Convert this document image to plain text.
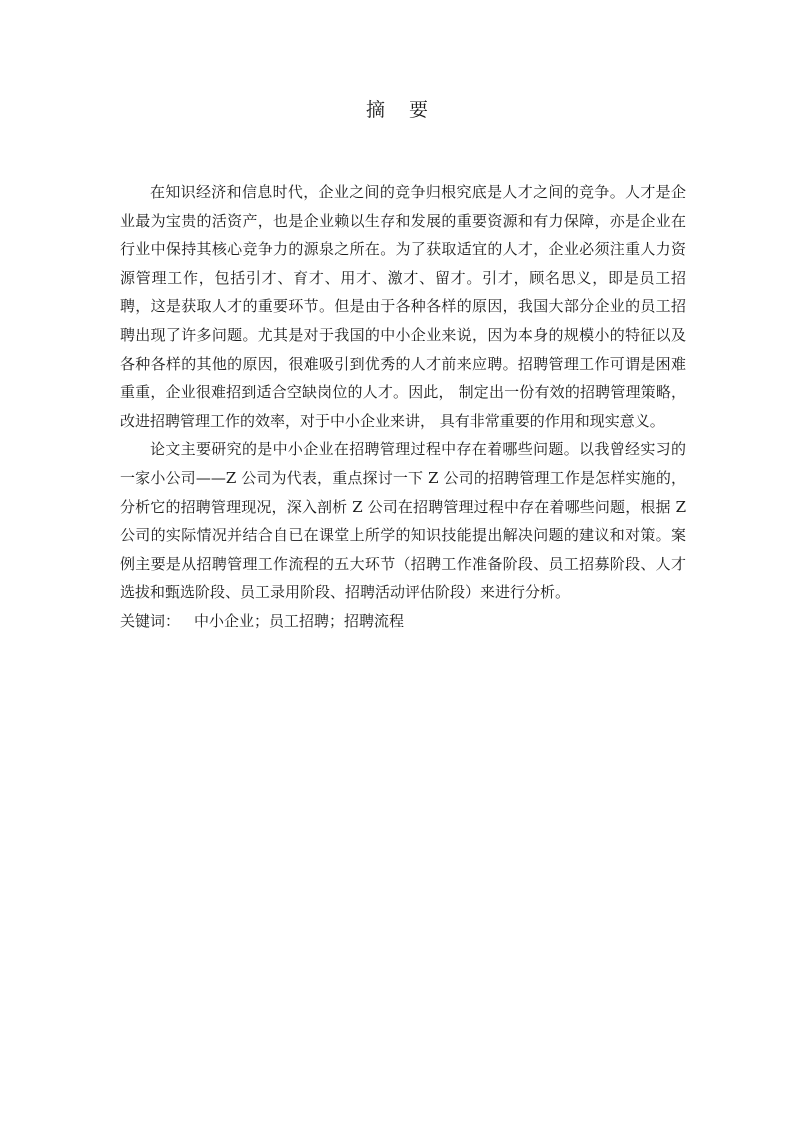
摘 要

在知识经济和信息时代，企业之间的竞争归根究底是人才之间的竞争。人才是企业最为宝贵的活资产，也是企业赖以生存和发展的重要资源和有力保障，亦是企业在行业中保持其核心竞争力的源泉之所在。为了获取适宜的人才，企业必须注重人力资源管理工作，包括引才、育才、用才、激才、留才。引才，顾名思义，即是员工招聘，这是获取人才的重要环节。但是由于各种各样的原因，我国大部分企业的员工招聘出现了许多问题。尤其是对于我国的中小企业来说，因为本身的规模小的特征以及各种各样的其他的原因，很难吸引到优秀的人才前来应聘。招聘管理工作可谓是困难重重，企业很难招到适合空缺岗位的人才。因此， 制定出一份有效的招聘管理策略，改进招聘管理工作的效率，对于中小企业来讲， 具有非常重要的作用和现实意义。

论文主要研究的是中小企业在招聘管理过程中存在着哪些问题。以我曾经实习的一家小公司——Z 公司为代表，重点探讨一下 Z 公司的招聘管理工作是怎样实施的，分析它的招聘管理现况，深入剖析 Z 公司在招聘管理过程中存在着哪些问题，根据 Z 公司的实际情况并结合自已在课堂上所学的知识技能提出解决问题的建议和对策。案例主要是从招聘管理工作流程的五大环节（招聘工作准备阶段、员工招募阶段、人才选拔和甄选阶段、员工录用阶段、招聘活动评估阶段）来进行分析。

关键词： 中小企业；员工招聘；招聘流程
